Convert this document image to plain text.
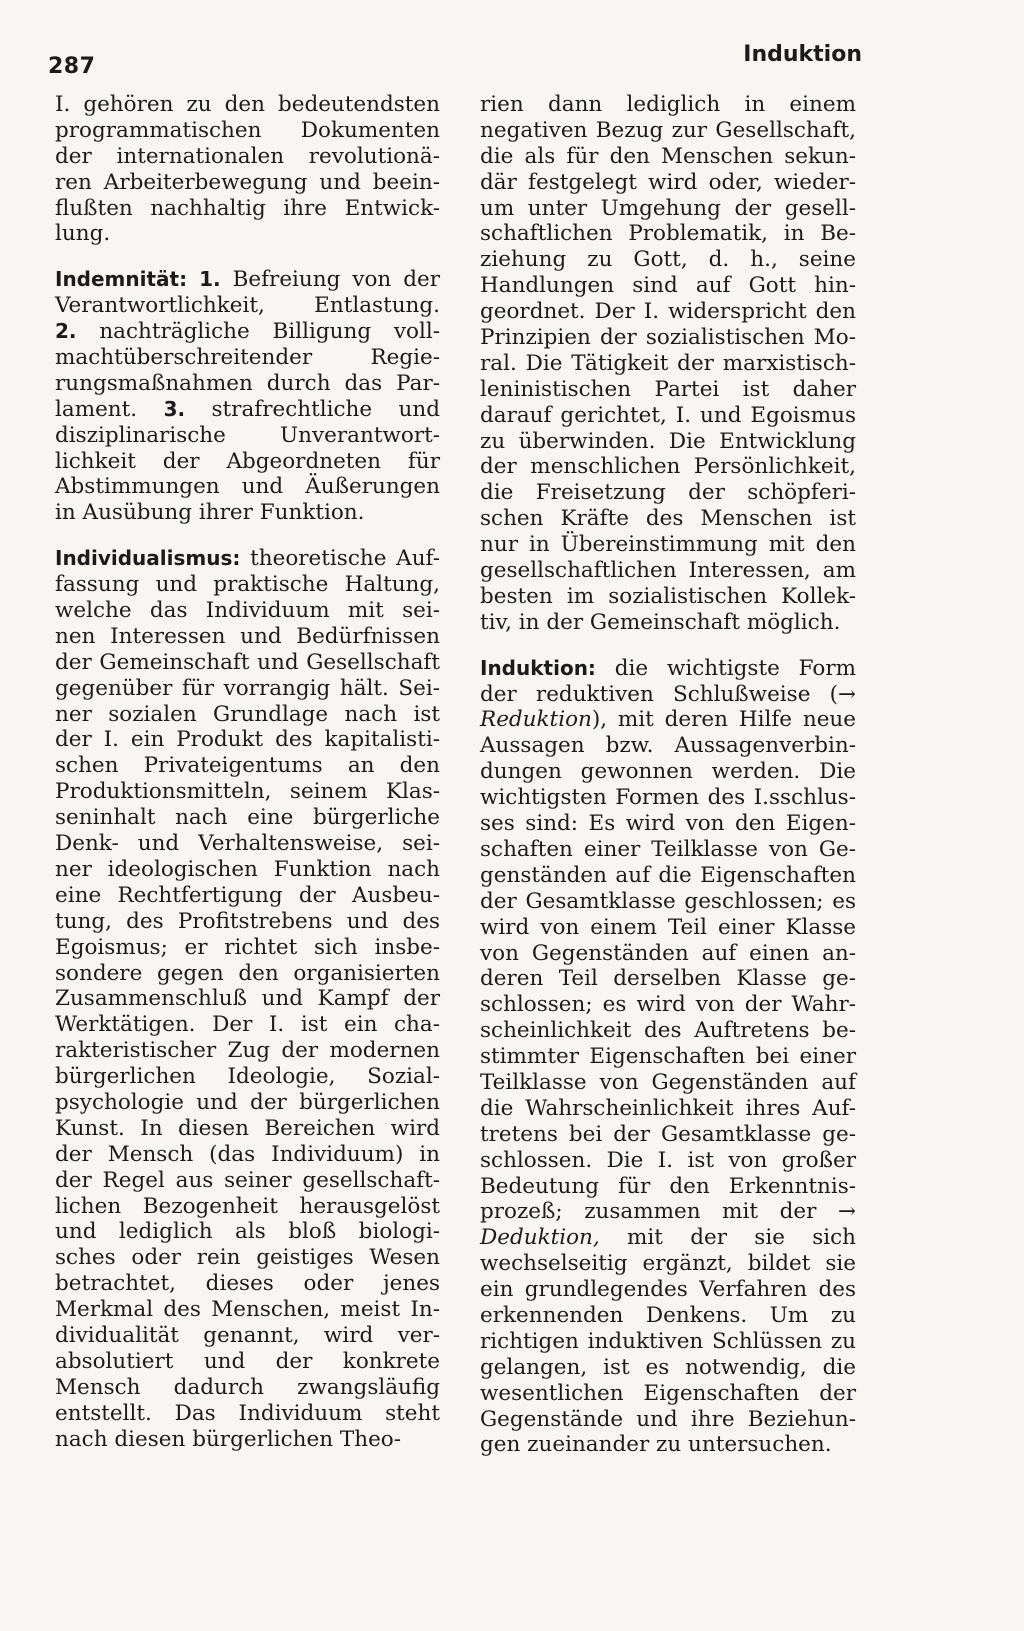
287	Induktion
I. gehören zu den bedeutendsten
programmatischen Dokumenten
der internationalen revolutionä-
ren Arbeiterbewegung und beein-
flußten nachhaltig ihre Entwick-
lung.
Indemnität: 1. Befreiung von der
Verantwortlichkeit, Entlastung.
2. nachträgliche Billigung voll-
machtüberschreitender Regie-
rungsmaßnahmen durch das Par-
lament. 3. strafrechtliche und
disziplinarische Unverantwort-
lichkeit der Abgeordneten für
Abstimmungen und Äußerungen
in Ausübung ihrer Funktion.
Individualismus: theoretische Auf-
fassung und praktische Haltung,
welche das Individuum mit sei-
nen Interessen und Bedürfnissen
der Gemeinschaft und Gesellschaft
gegenüber für vorrangig hält. Sei-
ner sozialen Grundlage nach ist
der I. ein Produkt des kapitalisti-
schen Privateigentums an den
Produktionsmitteln, seinem Klas-
seninhalt nach eine bürgerliche
Denk- und Verhaltensweise, sei-
ner ideologischen Funktion nach
eine Rechtfertigung der Ausbeu-
tung, des Profitstrebens und des
Egoismus; er richtet sich insbe-
sondere gegen den organisierten
Zusammenschluß und Kampf der
Werktätigen. Der I. ist ein cha-
rakteristischer Zug der modernen
bürgerlichen Ideologie, Sozial-
psychologie und der bürgerlichen
Kunst. In diesen Bereichen wird
der Mensch (das Individuum) in
der Regel aus seiner gesellschaft-
lichen Bezogenheit herausgelöst
und lediglich als bloß biologi-
sches oder rein geistiges Wesen
betrachtet, dieses oder jenes
Merkmal des Menschen, meist In-
dividualität genannt, wird ver-
absolutiert und der konkrete
Mensch dadurch zwangsläufig
entstellt. Das Individuum steht
nach diesen bürgerlichen Theo-
rien dann lediglich in einem
negativen Bezug zur Gesellschaft,
die als für den Menschen sekun-
där festgelegt wird oder, wieder-
um unter Umgehung der gesell-
schaftlichen Problematik, in Be-
ziehung zu Gott, d. h., seine
Handlungen sind auf Gott hin-
geordnet. Der I. widerspricht den
Prinzipien der sozialistischen Mo-
ral. Die Tätigkeit der marxistisch-
leninistischen Partei ist daher
darauf gerichtet, I. und Egoismus
zu überwinden. Die Entwicklung
der menschlichen Persönlichkeit,
die Freisetzung der schöpferi-
schen Kräfte des Menschen ist
nur in Übereinstimmung mit den
gesellschaftlichen Interessen, am
besten im sozialistischen Kollek-
tiv, in der Gemeinschaft möglich.
Induktion: die wichtigste Form
der reduktiven Schlußweise (→
Reduktion), mit deren Hilfe neue
Aussagen bzw. Aussagenverbin-
dungen gewonnen werden. Die
wichtigsten Formen des I.sschlus-
ses sind: Es wird von den Eigen-
schaften einer Teilklasse von Ge-
genständen auf die Eigenschaften
der Gesamtklasse geschlossen; es
wird von einem Teil einer Klasse
von Gegenständen auf einen an-
deren Teil derselben Klasse ge-
schlossen; es wird von der Wahr-
scheinlichkeit des Auftretens be-
stimmter Eigenschaften bei einer
Teilklasse von Gegenständen auf
die Wahrscheinlichkeit ihres Auf-
tretens bei der Gesamtklasse ge-
schlossen. Die I. ist von großer
Bedeutung für den Erkenntnis-
prozeß; zusammen mit der →
Deduktion, mit der sie sich
wechselseitig ergänzt, bildet sie
ein grundlegendes Verfahren des
erkennenden Denkens. Um zu
richtigen induktiven Schlüssen zu
gelangen, ist es notwendig, die
wesentlichen Eigenschaften der
Gegenstände und ihre Beziehun-
gen zueinander zu untersuchen.
